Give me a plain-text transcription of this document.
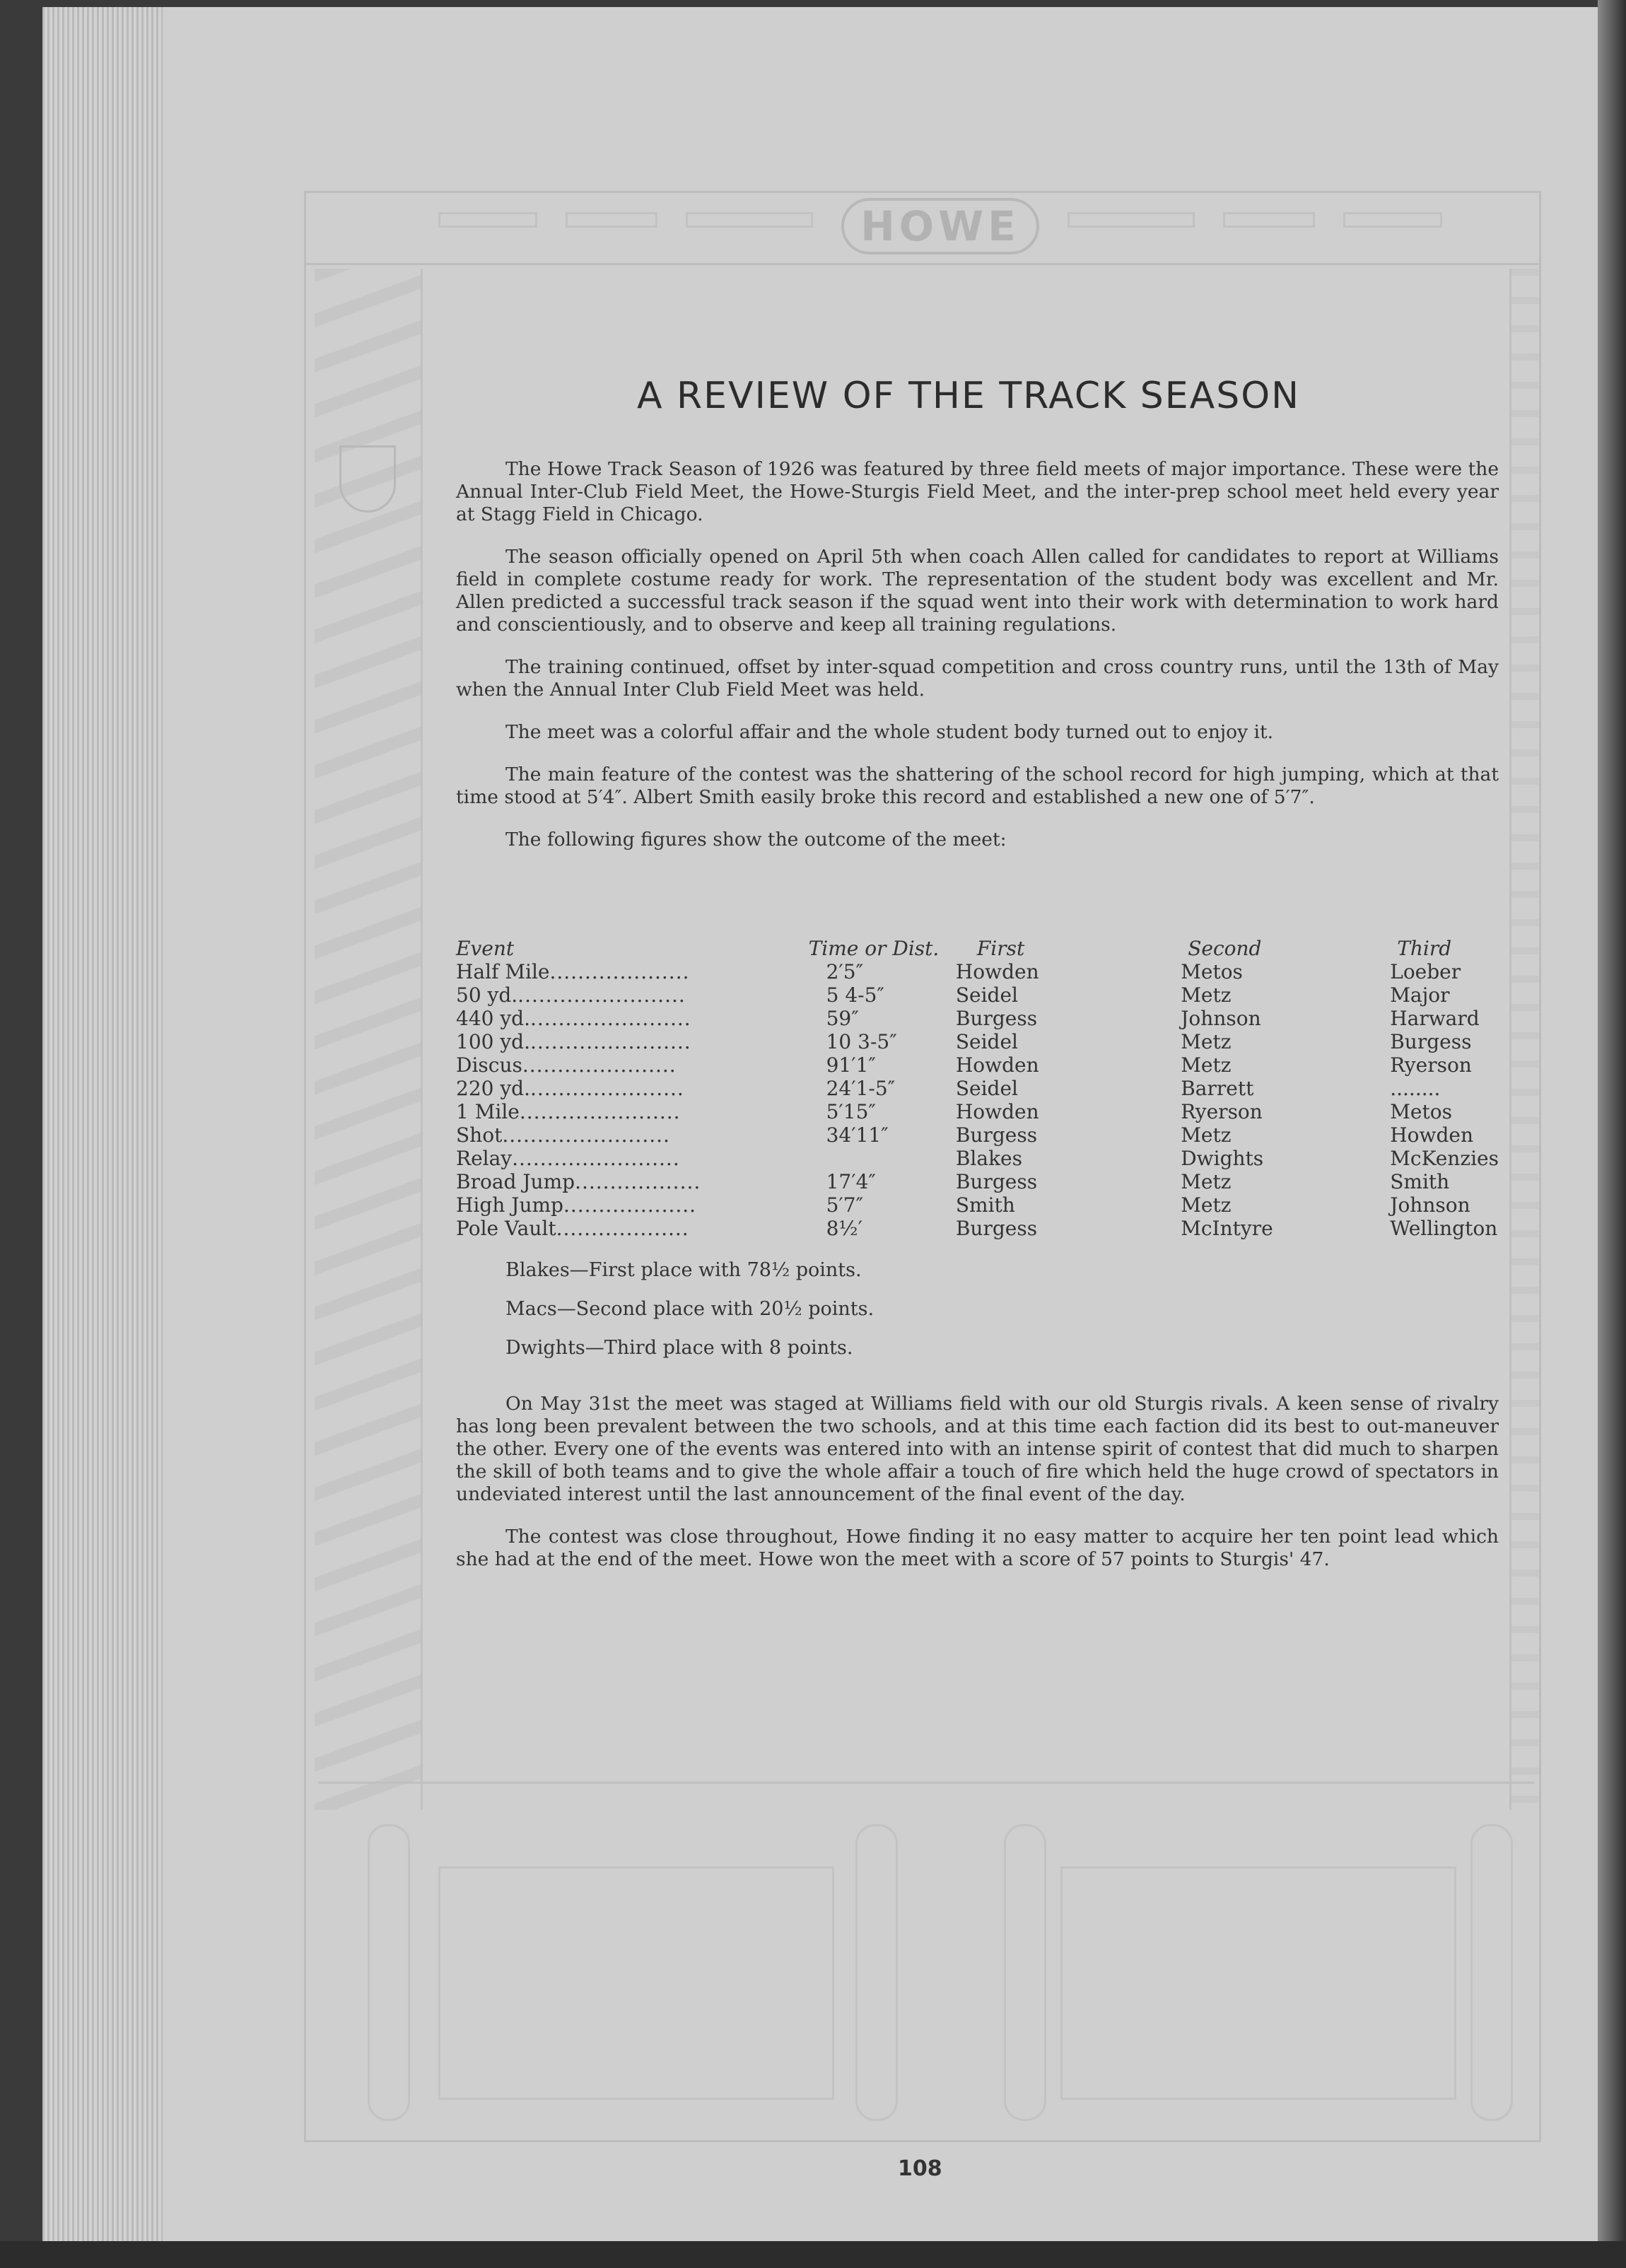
HOWE
A REVIEW OF THE TRACK SEASON

The Howe Track Season of 1926 was featured by three field meets of major importance. These were the Annual Inter-Club Field Meet, the Howe-Sturgis Field Meet, and the inter-prep school meet held every year at Stagg Field in Chicago.

The season officially opened on April 5th when coach Allen called for candidates to report at Williams field in complete costume ready for work. The representation of the student body was excellent and Mr. Allen predicted a successful track season if the squad went into their work with determination to work hard and conscientiously, and to observe and keep all training regulations.

The training continued, offset by inter-squad competition and cross country runs, until the 13th of May when the Annual Inter Club Field Meet was held.

The meet was a colorful affair and the whole student body turned out to enjoy it.

The main feature of the contest was the shattering of the school record for high jumping, which at that time stood at 5′4″. Albert Smith easily broke this record and established a new one of 5′7″.

The following figures show the outcome of the meet:

Event	Time or Dist.	First	Second	Third
Half Mile....................	2′5″	Howden	Metos	Loeber
50 yd.........................	5 4-5″	Seidel	Metz	Major
440 yd........................	59″	Burgess	Johnson	Harward
100 yd........................	10 3-5″	Seidel	Metz	Burgess
Discus......................	91′1″	Howden	Metz	Ryerson
220 yd.......................	24′1-5″	Seidel	Barrett	........
1 Mile.......................	5′15″	Howden	Ryerson	Metos
Shot........................	34′11″	Burgess	Metz	Howden
Relay........................		Blakes	Dwights	McKenzies
Broad Jump..................	17′4″	Burgess	Metz	Smith
High Jump...................	5′7″	Smith	Metz	Johnson
Pole Vault...................	8½′	Burgess	McIntyre	Wellington

Blakes—First place with 78½ points.

Macs—Second place with 20½ points.

Dwights—Third place with 8 points.

On May 31st the meet was staged at Williams field with our old Sturgis rivals. A keen sense of rivalry has long been prevalent between the two schools, and at this time each faction did its best to out-maneuver the other. Every one of the events was entered into with an intense spirit of contest that did much to sharpen the skill of both teams and to give the whole affair a touch of fire which held the huge crowd of spectators in undeviated interest until the last announcement of the final event of the day.

The contest was close throughout, Howe finding it no easy matter to acquire her ten point lead which she had at the end of the meet. Howe won the meet with a score of 57 points to Sturgis' 47.

108
